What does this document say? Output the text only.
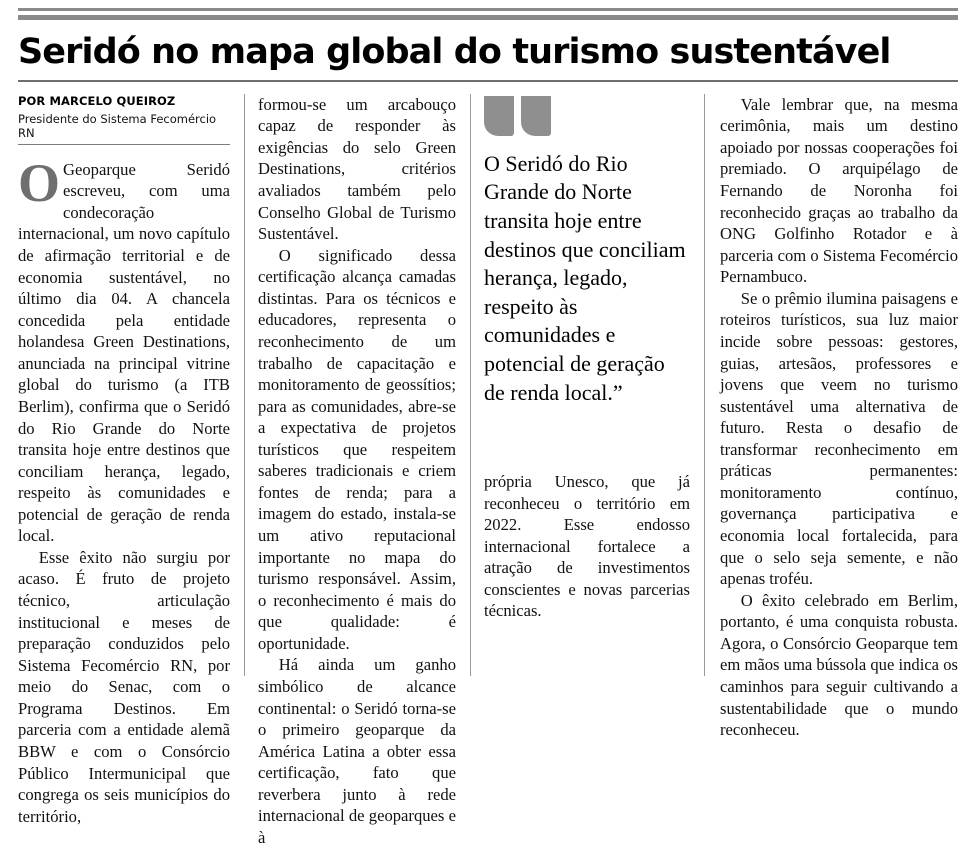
Seridó no mapa global do turismo sustentável
POR MARCELO QUEIROZ
Presidente do Sistema Fecomércio RN

O Geoparque Seridó escreveu, com uma condecoração internacional, um novo capítulo de afirmação territorial e de economia sustentável, no último dia 04. A chancela concedida pela entidade holandesa Green Destinations, anunciada na principal vitrine global do turismo (a ITB Berlim), confirma que o Seridó do Rio Grande do Norte transita hoje entre destinos que conciliam herança, legado, respeito às comunidades e potencial de geração de renda local.

Esse êxito não surgiu por acaso. É fruto de projeto técnico, articulação institucional e meses de preparação conduzidos pelo Sistema Fecomércio RN, por meio do Senac, com o Programa Destinos. Em parceria com a entidade alemã BBW e com o Consórcio Público Intermunicipal que congrega os seis municípios do território,

formou-se um arcabouço capaz de responder às exigências do selo Green Destinations, critérios avaliados também pelo Conselho Global de Turismo Sustentável.

O significado dessa certificação alcança camadas distintas. Para os técnicos e educadores, representa o reconhecimento de um trabalho de capacitação e monitoramento de geossítios; para as comunidades, abre-se a expectativa de projetos turísticos que respeitem saberes tradicionais e criem fontes de renda; para a imagem do estado, instala-se um ativo reputacional importante no mapa do turismo responsável. Assim, o reconhecimento é mais do que qualidade: é oportunidade.

Há ainda um ganho simbólico de alcance continental: o Seridó torna-se o primeiro geoparque da América Latina a obter essa certificação, fato que reverbera junto à rede internacional de geoparques e à

O Seridó do Rio Grande do Norte transita hoje entre destinos que conciliam herança, legado, respeito às comunidades e potencial de geração de renda local.”

própria Unesco, que já reconheceu o território em 2022. Esse endosso internacional fortalece a atração de investimentos conscientes e novas parcerias técnicas.

Vale lembrar que, na mesma cerimônia, mais um destino apoiado por nossas cooperações foi premiado. O arquipélago de Fernando de Noronha foi reconhecido graças ao trabalho da ONG Golfinho Rotador e à parceria com o Sistema Fecomércio Pernambuco.

Se o prêmio ilumina paisagens e roteiros turísticos, sua luz maior incide sobre pessoas: gestores, guias, artesãos, professores e jovens que veem no turismo sustentável uma alternativa de futuro. Resta o desafio de transformar reconhecimento em práticas permanentes: monitoramento contínuo, governança participativa e economia local fortalecida, para que o selo seja semente, e não apenas troféu.

O êxito celebrado em Berlim, portanto, é uma conquista robusta. Agora, o Consórcio Geoparque tem em mãos uma bússola que indica os caminhos para seguir cultivando a sustentabilidade que o mundo reconheceu.
